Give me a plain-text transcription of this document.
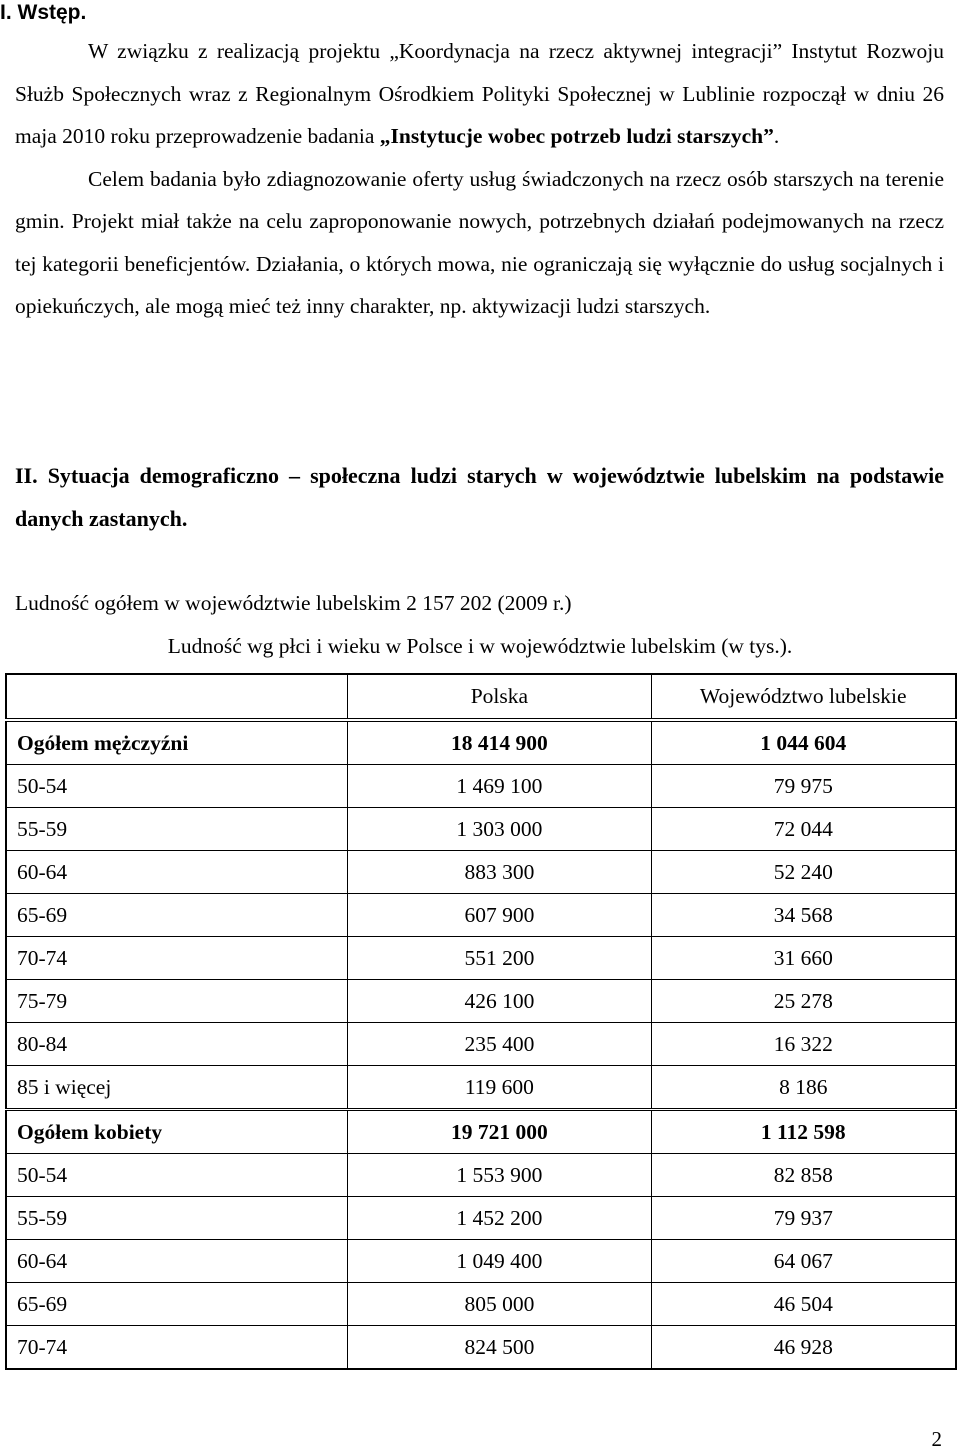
I. Wstęp.

W związku z realizacją projektu „Koordynacja na rzecz aktywnej integracji” Instytut Rozwoju Służb Społecznych wraz z Regionalnym Ośrodkiem Polityki Społecznej w Lublinie rozpoczął w dniu 26 maja 2010 roku przeprowadzenie badania „Instytucje wobec potrzeb ludzi starszych”.

Celem badania było zdiagnozowanie oferty usług świadczonych na rzecz osób starszych na terenie gmin. Projekt miał także na celu zaproponowanie nowych, potrzebnych działań podejmowanych na rzecz tej kategorii beneficjentów. Działania, o których mowa, nie ograniczają się wyłącznie do usług socjalnych i opiekuńczych, ale mogą mieć też inny charakter, np. aktywizacji ludzi starszych.

II. Sytuacja demograficzno – społeczna ludzi starych w województwie lubelskim na podstawie danych zastanych.

Ludność ogółem w województwie lubelskim 2 157 202 (2009 r.)

Ludność wg płci i wieku w Polsce i w województwie lubelskim (w tys.).

	Polska	Województwo lubelskie
Ogółem mężczyźni	18 414 900	1 044 604
50-54	1 469 100	79 975
55-59	1 303 000	72 044
60-64	883 300	52 240
65-69	607 900	34 568
70-74	551 200	31 660
75-79	426 100	25 278
80-84	235 400	16 322
85 i więcej	119 600	8 186
Ogółem kobiety	19 721 000	1 112 598
50-54	1 553 900	82 858
55-59	1 452 200	79 937
60-64	1 049 400	64 067
65-69	805 000	46 504
70-74	824 500	46 928

2
